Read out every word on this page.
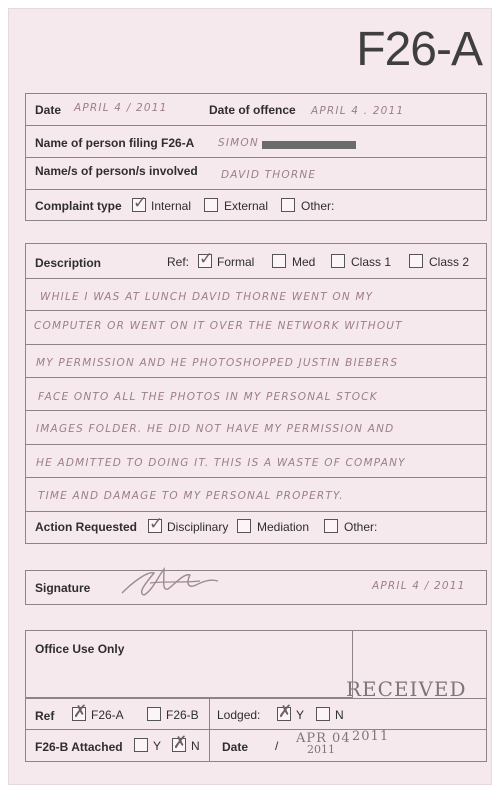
F26-A
Date APRIL 4 / 2011	Date of offence APRIL 4 . 2011
Name of person filing F26-A SIMON
Name/s of person/s involved DAVID THORNE
Complaint type ✓ Internal	External	Other:
Description	Ref: ✓ Formal	Med	Class 1	Class 2
WHILE I WAS AT LUNCH DAVID THORNE WENT ON MY
COMPUTER OR WENT ON IT OVER THE NETWORK WITHOUT
MY PERMISSION AND HE PHOTOSHOPPED JUSTIN BIEBERS
FACE ONTO ALL THE PHOTOS IN MY PERSONAL STOCK
IMAGES FOLDER. HE DID NOT HAVE MY PERMISSION AND
HE ADMITTED TO DOING IT. THIS IS A WASTE OF COMPANY
TIME AND DAMAGE TO MY PERSONAL PROPERTY.
Action Requested ✓ Disciplinary Mediation	Other:
Signature	APRIL 4 / 2011
Office Use Only
RECEIVED
Ref ✗ F26-A	F26-B Lodged: ✗ Y	N
F26-B Attached	Y ✗ N Date / APR 04 2011
2011
